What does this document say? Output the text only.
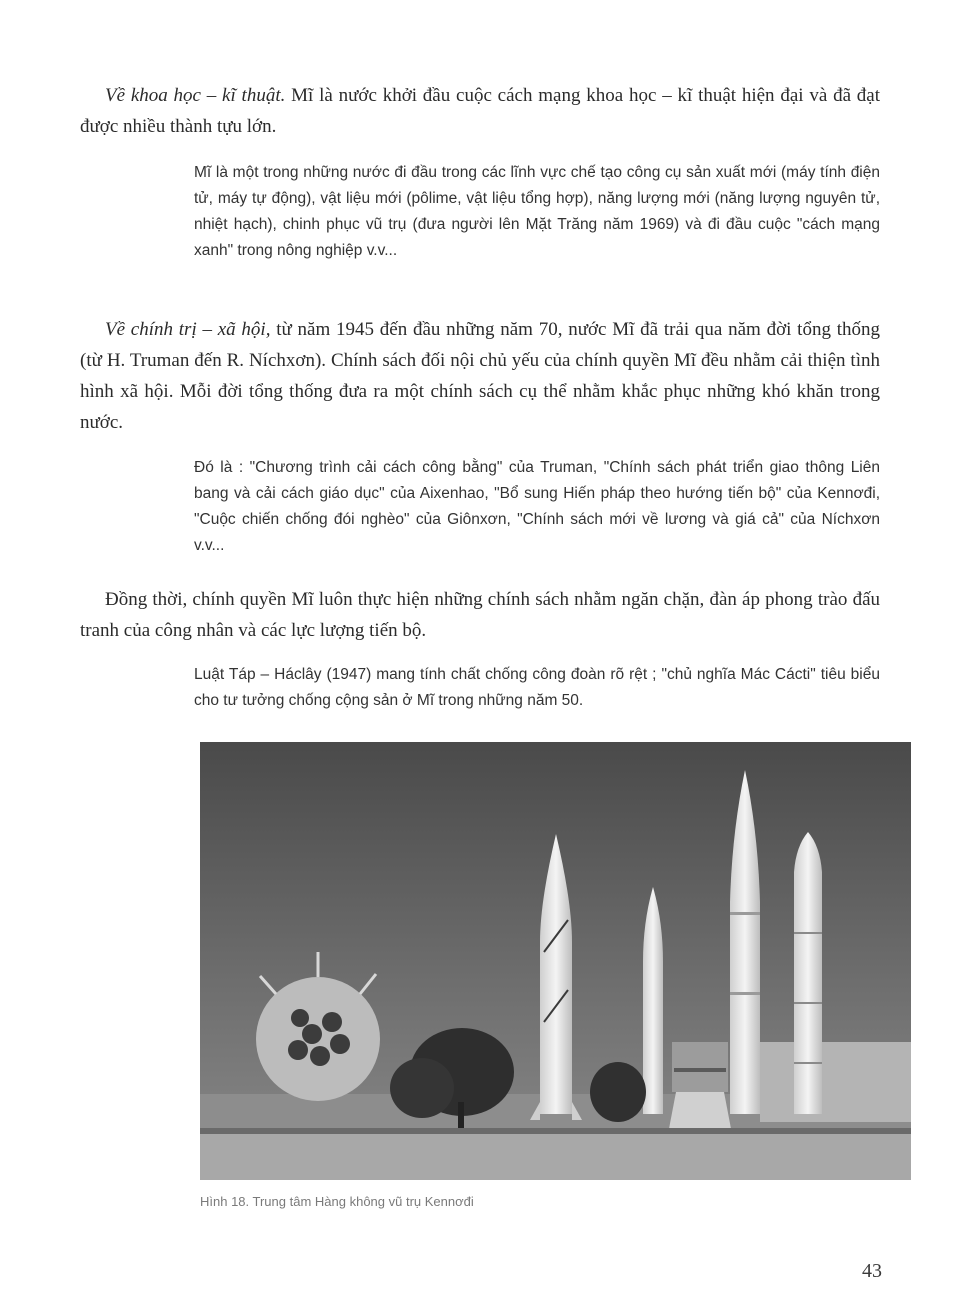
Về khoa học – kĩ thuật. Mĩ là nước khởi đầu cuộc cách mạng khoa học – kĩ thuật hiện đại và đã đạt được nhiều thành tựu lớn.

Mĩ là một trong những nước đi đầu trong các lĩnh vực chế tạo công cụ sản xuất mới (máy tính điện tử, máy tự động), vật liệu mới (pôlime, vật liệu tổng hợp), năng lượng mới (năng lượng nguyên tử, nhiệt hạch), chinh phục vũ trụ (đưa người lên Mặt Trăng năm 1969) và đi đầu cuộc "cách mạng xanh" trong nông nghiệp v.v...

Về chính trị – xã hội, từ năm 1945 đến đầu những năm 70, nước Mĩ đã trải qua năm đời tổng thống (từ H. Truman đến R. Níchxơn). Chính sách đối nội chủ yếu của chính quyền Mĩ đều nhằm cải thiện tình hình xã hội. Mỗi đời tổng thống đưa ra một chính sách cụ thể nhằm khắc phục những khó khăn trong nước.

Đó là : "Chương trình cải cách công bằng" của Truman, "Chính sách phát triển giao thông Liên bang và cải cách giáo dục" của Aixenhao, "Bổ sung Hiến pháp theo hướng tiến bộ" của Kennơđi, "Cuộc chiến chống đói nghèo" của Giônxơn, "Chính sách mới về lương và giá cả" của Níchxơn v.v...

Đồng thời, chính quyền Mĩ luôn thực hiện những chính sách nhằm ngăn chặn, đàn áp phong trào đấu tranh của công nhân và các lực lượng tiến bộ.

Luật Táp – Háclây (1947) mang tính chất chống công đoàn rõ rệt ; "chủ nghĩa Mác Cácti" tiêu biểu cho tư tưởng chống cộng sản ở Mĩ trong những năm 50.

Hình 18. Trung tâm Hàng không vũ trụ Kennơđi
43
